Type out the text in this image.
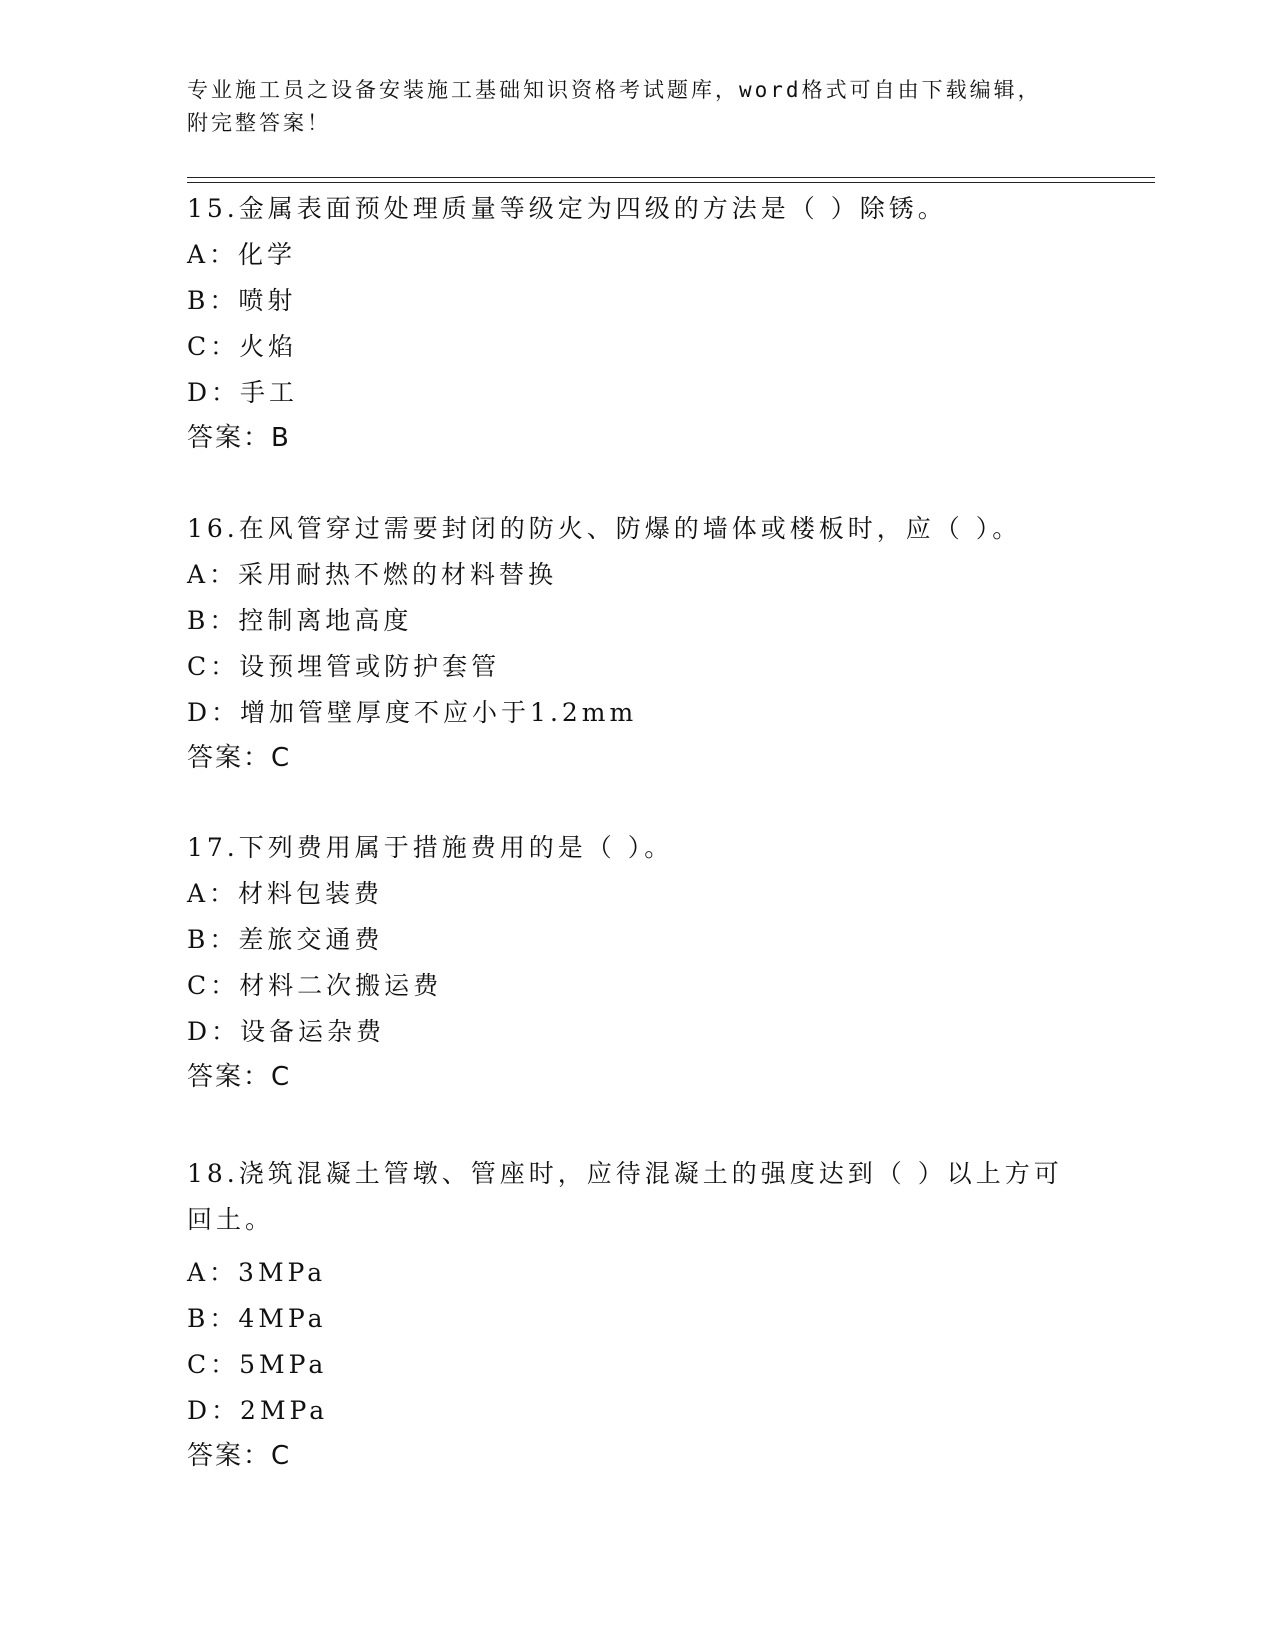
专业施工员之设备安装施工基础知识资格考试题库，word格式可自由下载编辑，
附完整答案！

15.金属表面预处理质量等级定为四级的方法是（ ）除锈。

A：化学

B：喷射

C：火焰

D：手工

答案：B

16.在风管穿过需要封闭的防火、防爆的墙体或楼板时，应（ ）。

A：采用耐热不燃的材料替换

B：控制离地高度

C：设预埋管或防护套管

D：增加管壁厚度不应小于1.2mm

答案：C

17.下列费用属于措施费用的是（ ）。

A：材料包装费

B：差旅交通费

C：材料二次搬运费

D：设备运杂费

答案：C

18.浇筑混凝土管墩、管座时，应待混凝土的强度达到（ ）以上方可回土。

A：3MPa

B：4MPa

C：5MPa

D：2MPa

答案：C
